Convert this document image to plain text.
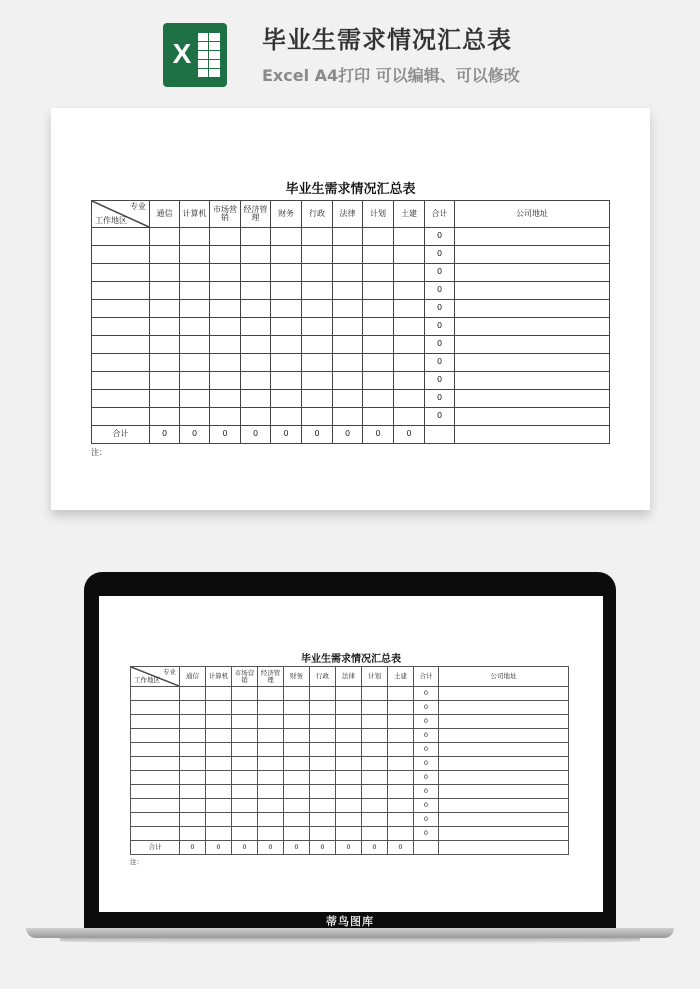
X	毕业生需求情况汇总表
Excel A4打印 可以编辑、可以修改
毕业生需求情况汇总表
专业
工作地区	通信	计算机	市场营销	经济管理	财务	行政	法律	计划	土建	合计	公司地址
										0	
										0	
										0	
										0	
										0	
										0	
										0	
										0	
										0	
										0	
										0	
合计	0	0	0	0	0	0	0	0	0		
注：
毕业生需求情况汇总表
专业
工作地区	通信	计算机	市场营销	经济管理	财务	行政	法律	计划	土建	合计	公司地址
										0	
										0	
										0	
										0	
										0	
										0	
										0	
										0	
										0	
										0	
										0	
合计	0	0	0	0	0	0	0	0	0		
注：
蒂鸟图库
